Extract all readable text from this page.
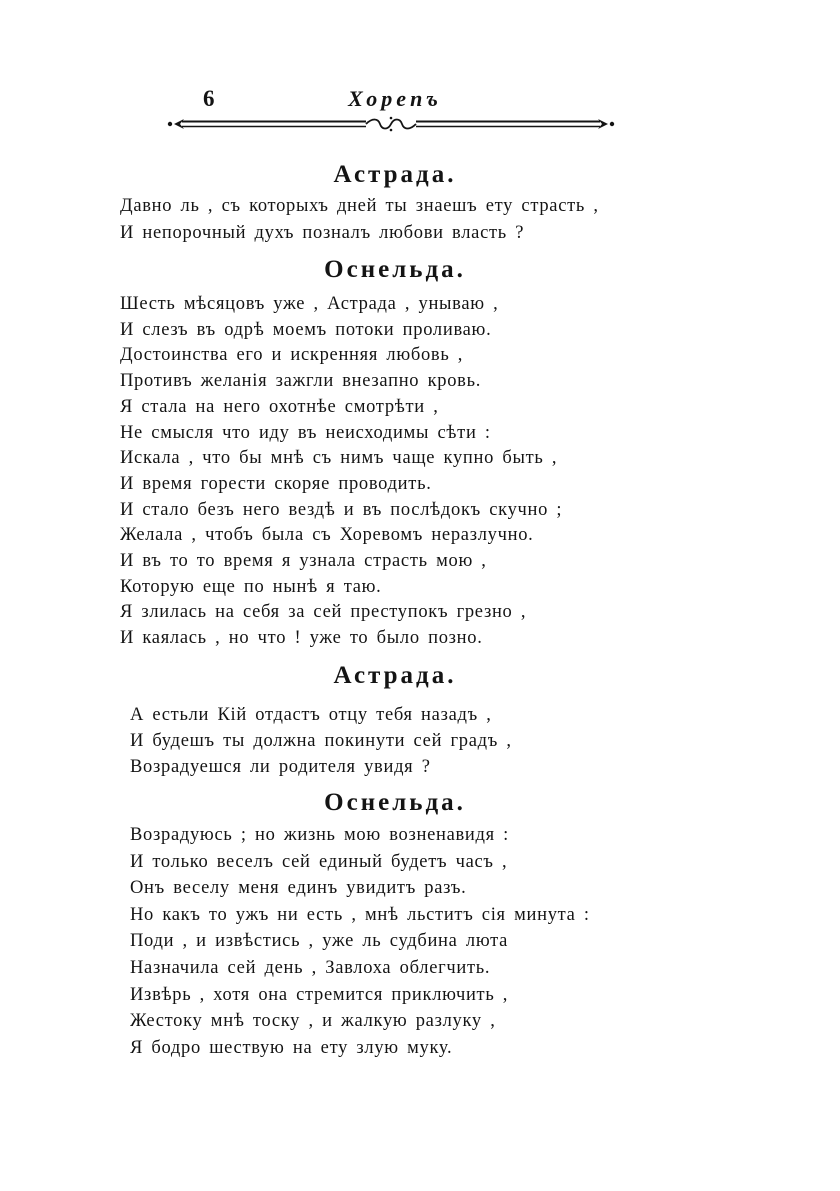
6	Хорепъ
Астрада.
Давно ль , съ которыхъ дней ты знаешъ ету страсть ,
И непорочный духъ позналъ любови власть ?
Оснельда.
Шесть мѣсяцовъ уже , Астрада , унываю ,
И слезъ въ одрѣ моемъ потоки проливаю.
Достоинства его и искренняя любовь ,
Противъ желанія зажгли внезапно кровь.
Я стала на него охотнѣе смотрѣти ,
Не смысля что иду въ неисходимы сѣти :
Искала , что бы мнѣ съ нимъ чаще купно быть ,
И время горести скоряе проводить.
И стало безъ него вездѣ и въ послѣдокъ скучно ;
Желала , чтобъ была съ Хоревомъ неразлучно.
И въ то то время я узнала страсть мою ,
Которую еще по нынѣ я таю.
Я злилась на себя за сей преступокъ грезно ,
И каялась , но что ! уже то было позно.
Астрада.
А естьли Кій отдастъ отцу тебя назадъ ,
И будешъ ты должна покинути сей градъ ,
Возрадуешся ли родителя увидя ?
Оснельда.
Возрадуюсь ; но жизнь мою возненавидя :
И только веселъ сей единый будетъ часъ ,
Онъ веселу меня единъ увидитъ разъ.
Но какъ то ужъ ни есть , мнѣ льститъ сія минута :
Поди , и извѣстись , уже ль судбина люта
Назначила сей день , Завлоха облегчить.
Извѣрь , хотя она стремится приключить ,
Жестоку мнѣ тоску , и жалкую разлуку ,
Я бодро шествую на ету злую муку.
